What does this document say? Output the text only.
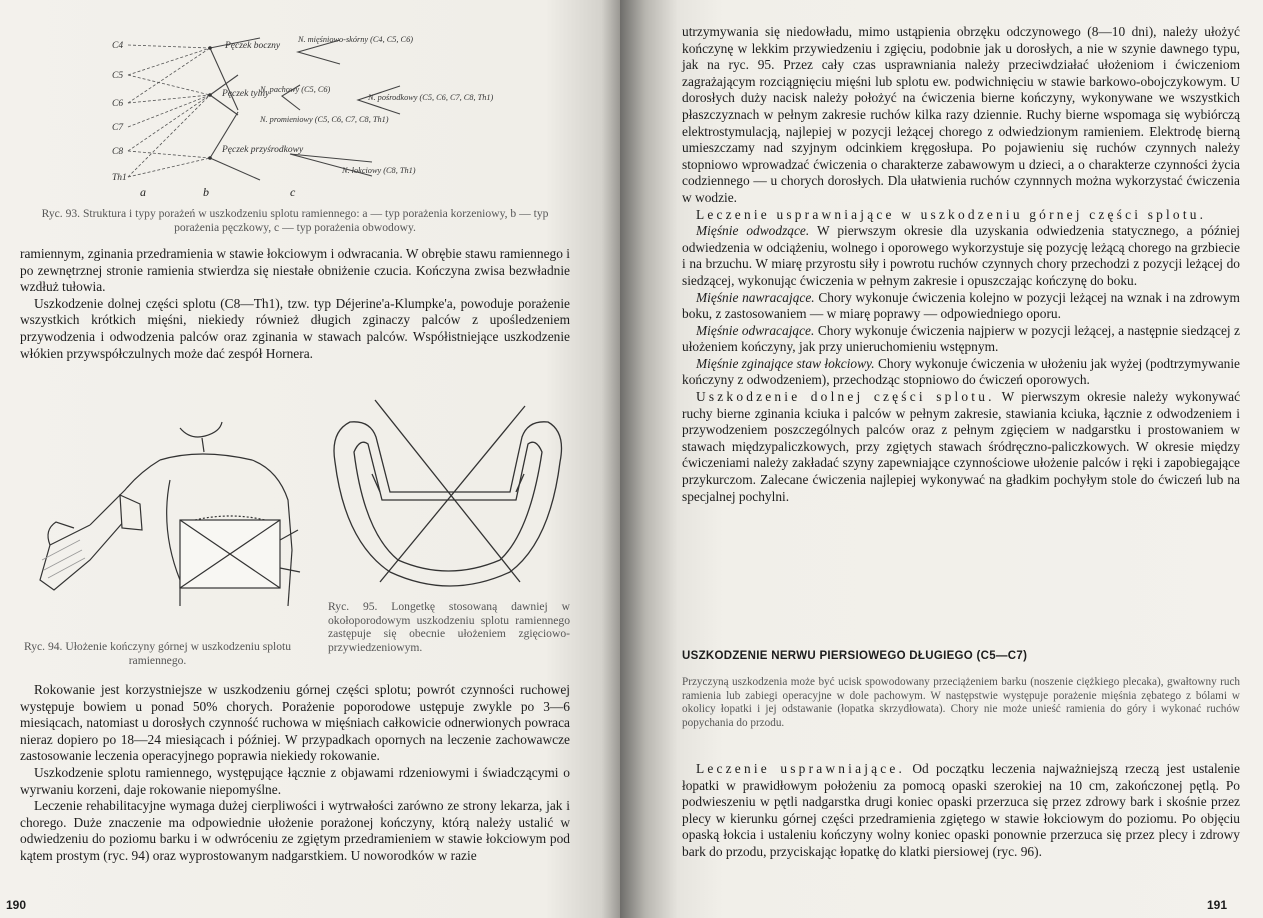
C4
C5
C6
C7
C8
Th1
Pęczek boczny
Pęczek tylny
Pęczek przyśrodkowy
N. mięśniowo-skórny (C4, C5, C6)
N. pachowy (C5, C6)
N. promieniowy (C5, C6, C7, C8, Th1)
N. pośrodkowy (C5, C6, C7, C8, Th1)
N. łokciowy (C8, Th1)
a	b	c

Ryc. 93. Struktura i typy porażeń w uszkodzeniu splotu ramiennego: a — typ porażenia korzeniowy, b — typ porażenia pęczkowy, c — typ porażenia obwodowy.

ramiennym, zginania przedramienia w stawie łokciowym i odwracania. W obrębie stawu ramiennego i po zewnętrznej stronie ramienia stwierdza się niestałe obniżenie czucia. Kończyna zwisa bezwładnie wzdłuż tułowia.

Uszkodzenie dolnej części splotu (C8—Th1), tzw. typ Déjerine'a-Klumpke'a, powoduje porażenie wszystkich krótkich mięśni, niekiedy również długich zginaczy palców z upośledzeniem przywodzenia i odwodzenia palców oraz zginania w stawach palców. Współistniejące uszkodzenie włókien przywspółczulnych może dać zespół Hornera.

Ryc. 94. Ułożenie kończyny górnej w uszkodzeniu splotu ramiennego.

Ryc. 95. Longetkę stosowaną dawniej w okołoporodowym uszkodzeniu splotu ramiennego zastępuje się obecnie ułożeniem zgięciowo-przywiedzeniowym.

Rokowanie jest korzystniejsze w uszkodzeniu górnej części splotu; powrót czynności ruchowej występuje bowiem u ponad 50% chorych. Porażenie poporodowe ustępuje zwykle po 3—6 miesiącach, natomiast u dorosłych czynność ruchowa w mięśniach całkowicie odnerwionych powraca nieraz dopiero po 18—24 miesiącach i później. W przypadkach opornych na leczenie zachowawcze zastosowanie leczenia operacyjnego poprawia niekiedy rokowanie.

Uszkodzenie splotu ramiennego, występujące łącznie z objawami rdzeniowymi i świadczącymi o wyrwaniu korzeni, daje rokowanie niepomyślne.

Leczenie rehabilitacyjne wymaga dużej cierpliwości i wytrwałości zarówno ze strony lekarza, jak i chorego. Duże znaczenie ma odpowiednie ułożenie porażonej kończyny, którą należy ustalić w odwiedzeniu do poziomu barku i w odwróceniu ze zgiętym przedramieniem w stawie łokciowym pod kątem prostym (ryc. 94) oraz wyprostowanym nadgarstkiem. U noworodków w razie

190

utrzymywania się niedowładu, mimo ustąpienia obrzęku odczynowego (8—10 dni), należy ułożyć kończynę w lekkim przywiedzeniu i zgięciu, podobnie jak u dorosłych, a nie w szynie dawnego typu, jak na ryc. 95. Przez cały czas usprawniania należy przeciwdziałać ułożeniom i ćwiczeniom zagrażającym rozciągnięciu mięśni lub splotu ew. podwichnięciu w stawie barkowo-obojczykowym. U dorosłych duży nacisk należy położyć na ćwiczenia bierne kończyny, wykonywane we wszystkich płaszczyznach w pełnym zakresie ruchów kilka razy dziennie. Ruchy bierne wspomaga się wybiórczą elektrostymulacją, najlepiej w pozycji leżącej chorego z odwiedzionym ramieniem. Elektrodę bierną umieszczamy nad szyjnym odcinkiem kręgosłupa. Po pojawieniu się ruchów czynnych należy stopniowo wprowadzać ćwiczenia o charakterze zabawowym u dzieci, a o charakterze czynności życia codziennego — u chorych dorosłych. Dla ułatwienia ruchów czynnnych można wykorzystać ćwiczenia w wodzie.

Leczenie usprawniające w uszkodzeniu górnej części splotu.

Mięśnie odwodzące. W pierwszym okresie dla uzyskania odwiedzenia statycznego, a później odwiedzenia w odciążeniu, wolnego i oporowego wykorzystuje się pozycję leżącą chorego na grzbiecie i na brzuchu. W miarę przyrostu siły i powrotu ruchów czynnych chory przechodzi z pozycji leżącej do siedzącej, wykonując ćwiczenia w pełnym zakresie i opuszczając kończynę do boku.

Mięśnie nawracające. Chory wykonuje ćwiczenia kolejno w pozycji leżącej na wznak i na zdrowym boku, z zastosowaniem — w miarę poprawy — odpowiedniego oporu.

Mięśnie odwracające. Chory wykonuje ćwiczenia najpierw w pozycji leżącej, a następnie siedzącej z ułożeniem kończyny, jak przy unieruchomieniu wstępnym.

Mięśnie zginające staw łokciowy. Chory wykonuje ćwiczenia w ułożeniu jak wyżej (podtrzymywanie kończyny z odwodzeniem), przechodząc stopniowo do ćwiczeń oporowych.

Uszkodzenie dolnej części splotu. W pierwszym okresie należy wykonywać ruchy bierne zginania kciuka i palców w pełnym zakresie, stawiania kciuka, łącznie z odwodzeniem i przywodzeniem poszczególnych palców oraz z pełnym zgięciem w nadgarstku i prostowaniem w stawach międzypaliczkowych, przy zgiętych stawach śródręczno-paliczkowych. W okresie między ćwiczeniami należy zakładać szyny zapewniające czynnościowe ułożenie palców i ręki i zapobiegające przykurczom. Zalecane ćwiczenia najlepiej wykonywać na gładkim pochyłym stole do ćwiczeń lub na specjalnej pochylni.

USZKODZENIE NERWU PIERSIOWEGO DŁUGIEGO (C5—C7)

Przyczyną uszkodzenia może być ucisk spowodowany przeciążeniem barku (noszenie ciężkiego plecaka), gwałtowny ruch ramienia lub zabiegi operacyjne w dole pachowym. W następstwie występuje porażenie mięśnia zębatego z bólami w okolicy łopatki i jej odstawanie (łopatka skrzydłowata). Chory nie może unieść ramienia do góry i wykonać ruchów popychania do przodu.

Leczenie usprawniające. Od początku leczenia najważniejszą rzeczą jest ustalenie łopatki w prawidłowym położeniu za pomocą opaski szerokiej na 10 cm, zakończonej pętlą. Po podwieszeniu w pętli nadgarstka drugi koniec opaski przerzuca się przez zdrowy bark i skośnie przez plecy w kierunku górnej części przedramienia zgiętego w stawie łokciowym do poziomu. Po objęciu opaską łokcia i ustaleniu kończyny wolny koniec opaski ponownie przerzuca się przez plecy i zdrowy bark do przodu, przyciskając łopatkę do klatki piersiowej (ryc. 96).

191
